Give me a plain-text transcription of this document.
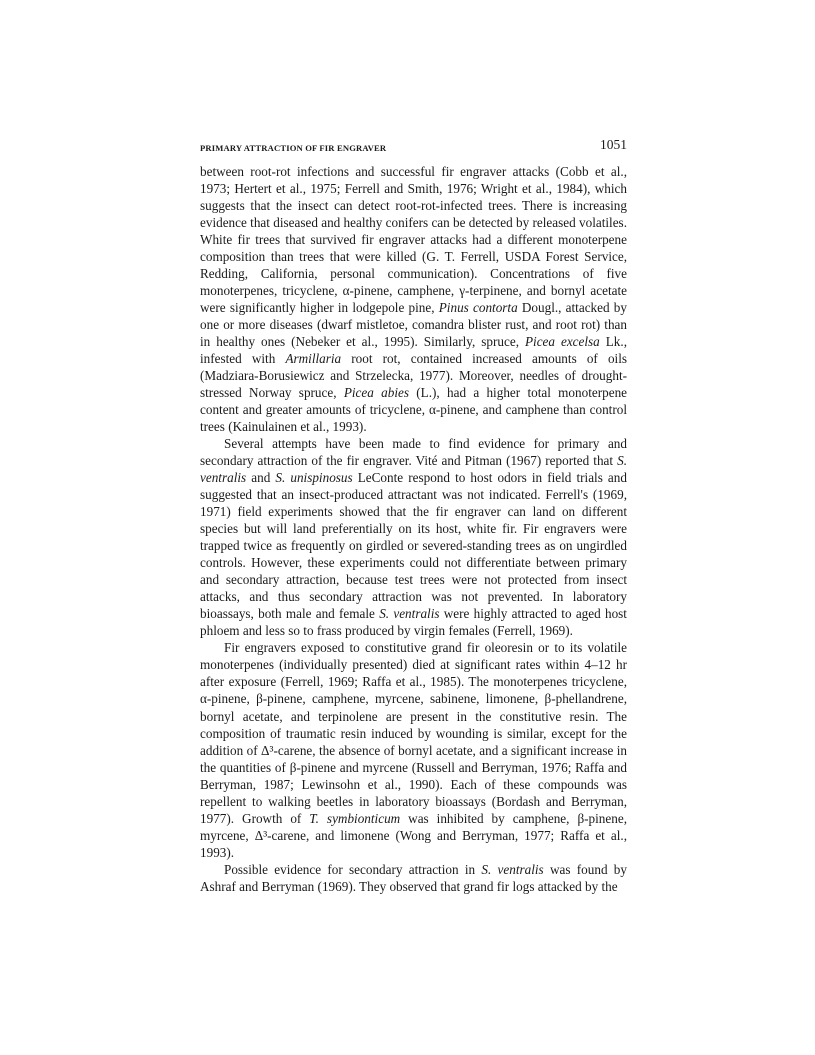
PRIMARY ATTRACTION OF FIR ENGRAVER	1051

between root-rot infections and successful fir engraver attacks (Cobb et al., 1973; Hertert et al., 1975; Ferrell and Smith, 1976; Wright et al., 1984), which suggests that the insect can detect root-rot-infected trees. There is increasing evidence that diseased and healthy conifers can be detected by released volatiles. White fir trees that survived fir engraver attacks had a different monoterpene composition than trees that were killed (G. T. Ferrell, USDA Forest Service, Redding, California, personal communication). Concentrations of five monoterpenes, tricyclene, α-pinene, camphene, γ-terpinene, and bornyl acetate were significantly higher in lodgepole pine, Pinus contorta Dougl., attacked by one or more diseases (dwarf mistletoe, comandra blister rust, and root rot) than in healthy ones (Nebeker et al., 1995). Similarly, spruce, Picea excelsa Lk., infested with Armillaria root rot, contained increased amounts of oils (Madziara-Borusiewicz and Strzelecka, 1977). Moreover, needles of drought-stressed Norway spruce, Picea abies (L.), had a higher total monoterpene content and greater amounts of tricyclene, α-pinene, and camphene than control trees (Kainulainen et al., 1993).

Several attempts have been made to find evidence for primary and secondary attraction of the fir engraver. Vité and Pitman (1967) reported that S. ventralis and S. unispinosus LeConte respond to host odors in field trials and suggested that an insect-produced attractant was not indicated. Ferrell's (1969, 1971) field experiments showed that the fir engraver can land on different species but will land preferentially on its host, white fir. Fir engravers were trapped twice as frequently on girdled or severed-standing trees as on ungirdled controls. However, these experiments could not differentiate between primary and secondary attraction, because test trees were not protected from insect attacks, and thus secondary attraction was not prevented. In laboratory bioassays, both male and female S. ventralis were highly attracted to aged host phloem and less so to frass produced by virgin females (Ferrell, 1969).

Fir engravers exposed to constitutive grand fir oleoresin or to its volatile monoterpenes (individually presented) died at significant rates within 4–12 hr after exposure (Ferrell, 1969; Raffa et al., 1985). The monoterpenes tricyclene, α-pinene, β-pinene, camphene, myrcene, sabinene, limonene, β-phellandrene, bornyl acetate, and terpinolene are present in the constitutive resin. The composition of traumatic resin induced by wounding is similar, except for the addition of Δ³-carene, the absence of bornyl acetate, and a significant increase in the quantities of β-pinene and myrcene (Russell and Berryman, 1976; Raffa and Berryman, 1987; Lewinsohn et al., 1990). Each of these compounds was repellent to walking beetles in laboratory bioassays (Bordash and Berryman, 1977). Growth of T. symbionticum was inhibited by camphene, β-pinene, myrcene, Δ³-carene, and limonene (Wong and Berryman, 1977; Raffa et al., 1993).

Possible evidence for secondary attraction in S. ventralis was found by Ashraf and Berryman (1969). They observed that grand fir logs attacked by the
